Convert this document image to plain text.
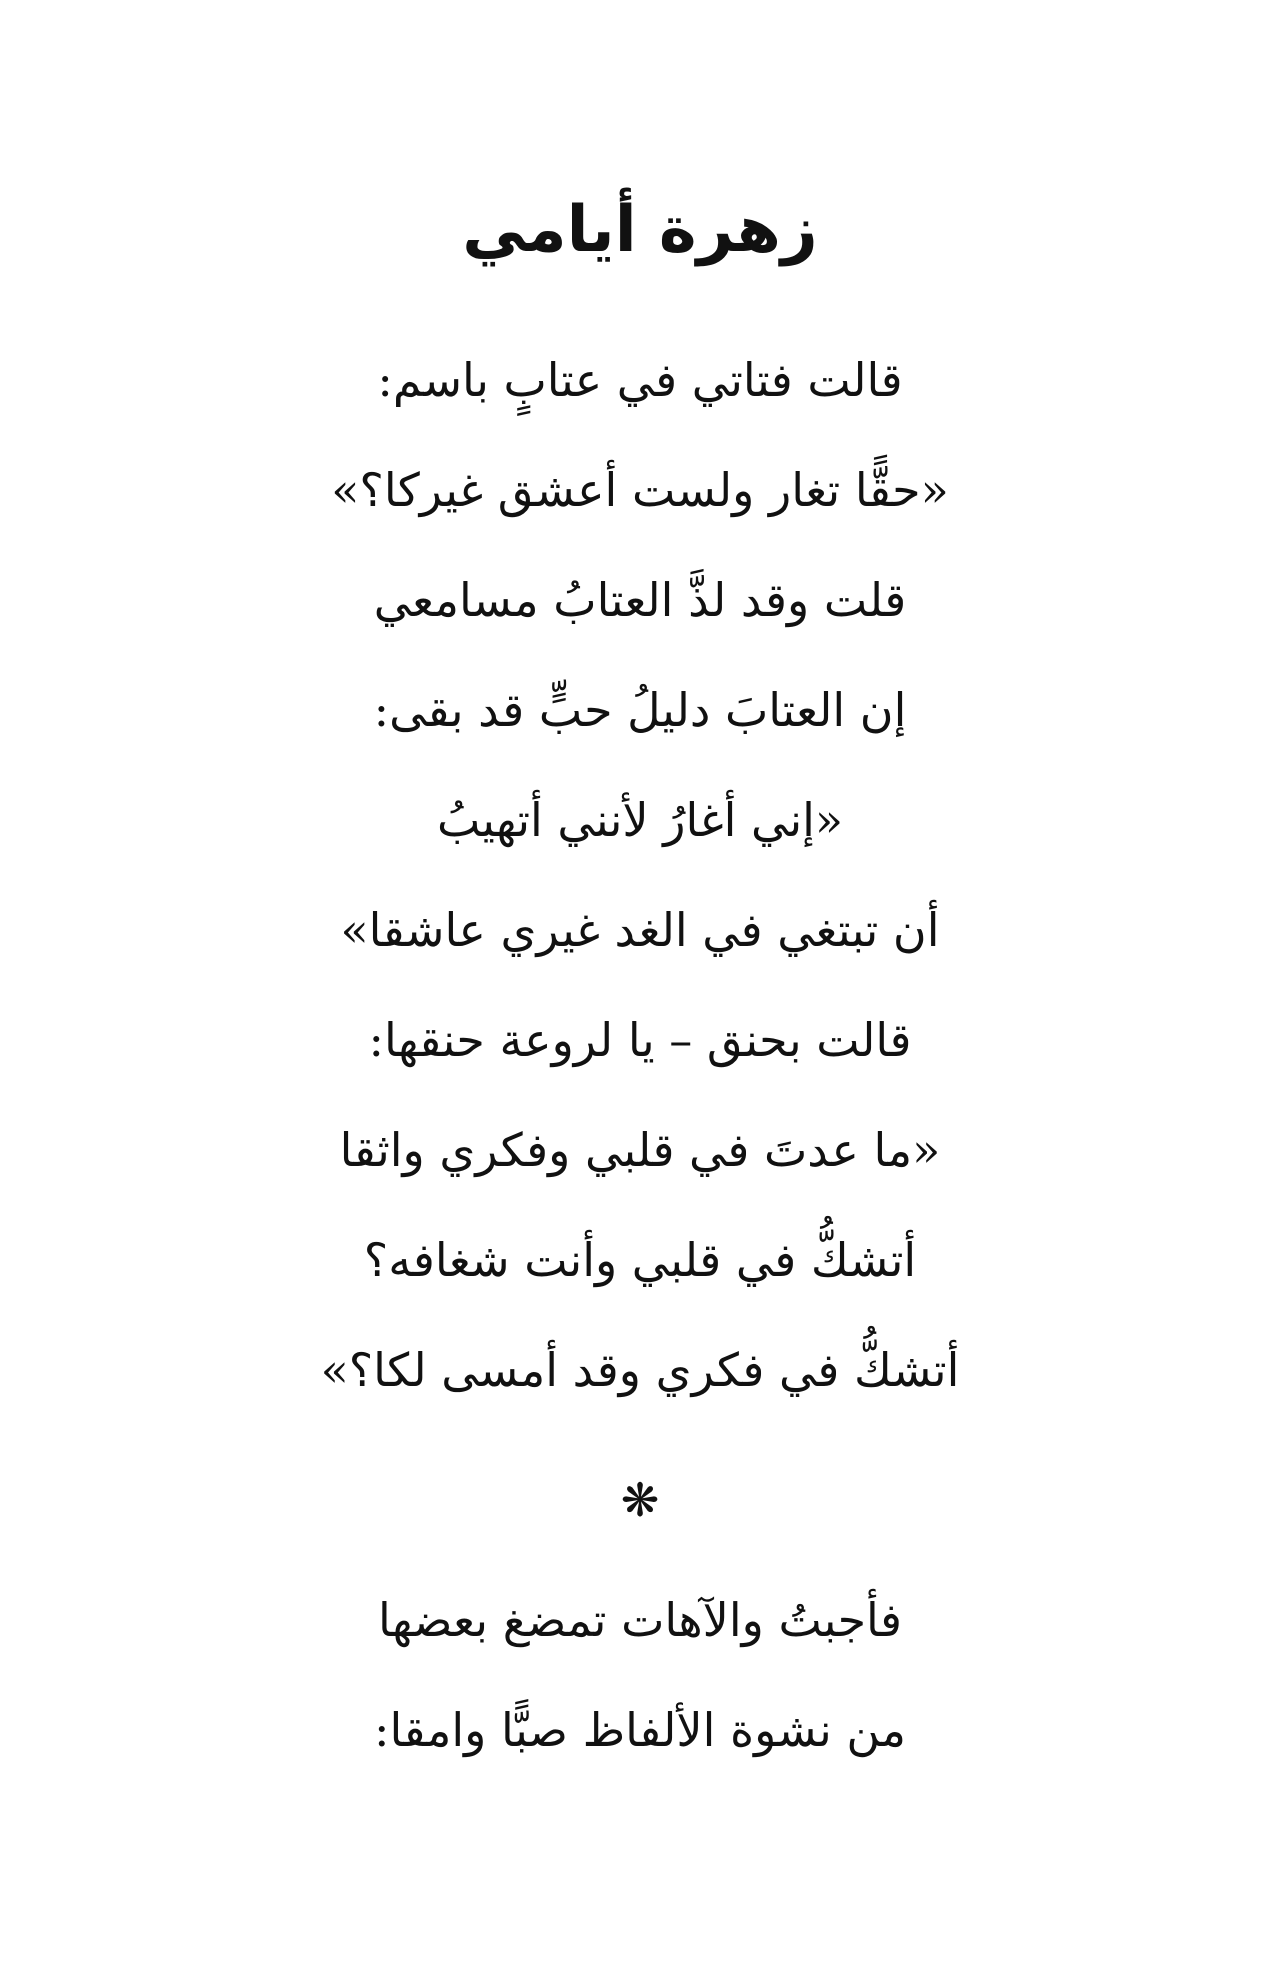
زهرة أيامي
قالت فتاتي في عتابٍ باسم:
«حقًّا تغار ولست أعشق غيركا؟»
قلت وقد لذَّ العتابُ مسامعي
إن العتابَ دليلُ حبٍّ قد بقى:
«إني أغارُ لأنني أتهيبُ
أن تبتغي في الغد غيري عاشقا»
قالت بحنق – يا لروعة حنقها:
«ما عدتَ في قلبي وفكري واثقا
أتشكُّ في قلبي وأنت شغافه؟
أتشكُّ في فكري وقد أمسى لكا؟»
❋
فأجبتُ والآهات تمضغ بعضها
من نشوة الألفاظ صبًّا وامقا:
